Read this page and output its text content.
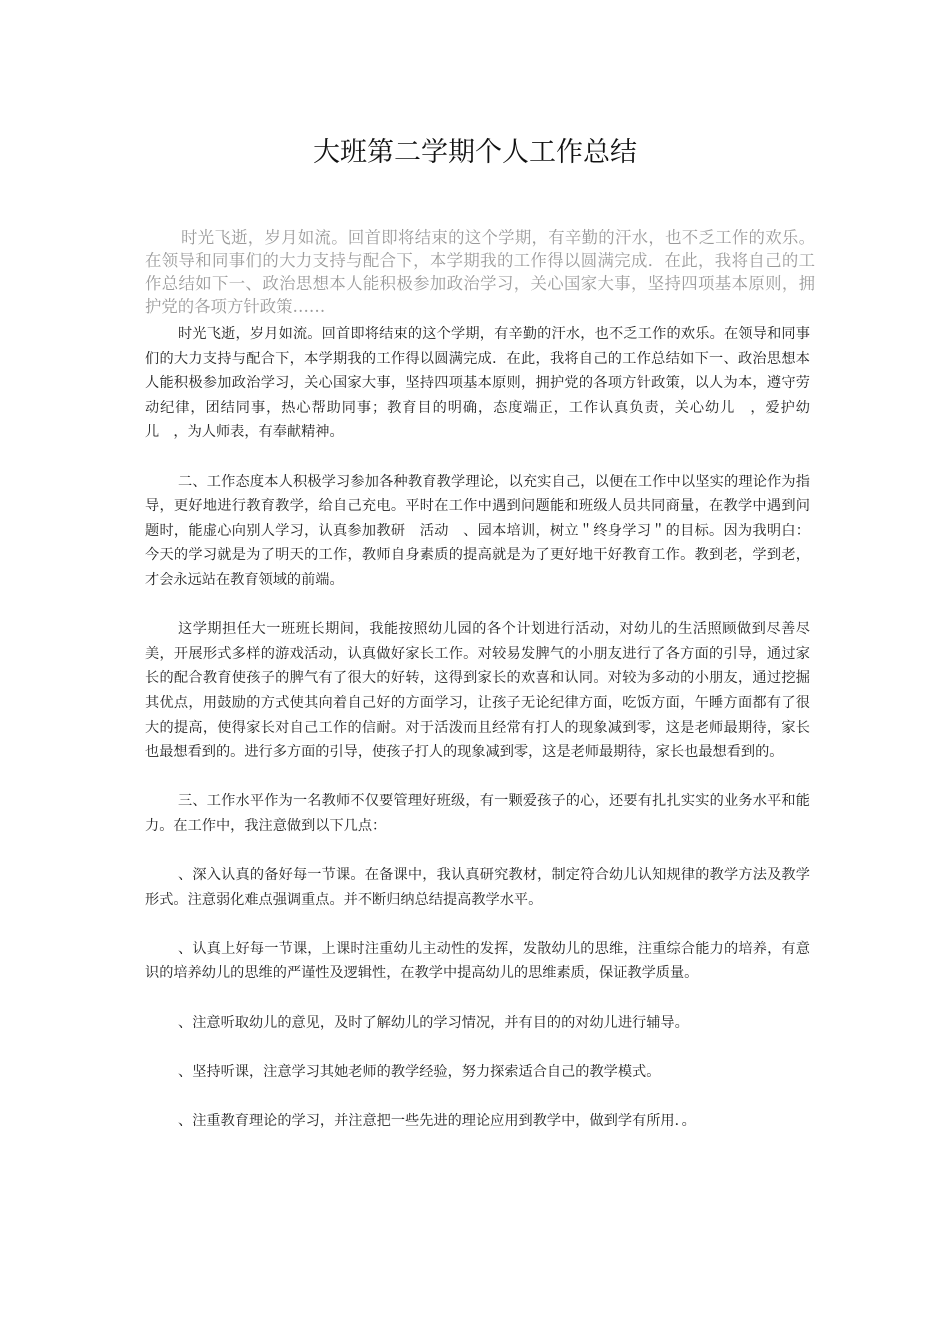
大班第二学期个人工作总结

时光飞逝，岁月如流。回首即将结束的这个学期，有辛勤的汗水，也不乏工作的欢乐。在领导和同事们的大力支持与配合下，本学期我的工作得以圆满完成．在此，我将自己的工作总结如下一、政治思想本人能积极参加政治学习，关心国家大事，坚持四项基本原则，拥护党的各项方针政策……

时光飞逝，岁月如流。回首即将结束的这个学期，有辛勤的汗水，也不乏工作的欢乐。在领导和同事们的大力支持与配合下，本学期我的工作得以圆满完成．在此，我将自己的工作总结如下一、政治思想本人能积极参加政治学习，关心国家大事，坚持四项基本原则，拥护党的各项方针政策，以人为本，遵守劳动纪律，团结同事，热心帮助同事；教育目的明确，态度端正，工作认真负责，关心幼儿　，爱护幼儿　，为人师表，有奉献精神。

二、工作态度本人积极学习参加各种教育教学理论，以充实自己，以便在工作中以坚实的理论作为指导，更好地进行教育教学，给自己充电。平时在工作中遇到问题能和班级人员共同商量，在教学中遇到问题时，能虚心向别人学习，认真参加教研　活动　、园本培训，树立＂终身学习＂的目标。因为我明白：今天的学习就是为了明天的工作，教师自身素质的提高就是为了更好地干好教育工作。教到老，学到老，才会永远站在教育领域的前端。

这学期担任大一班班长期间，我能按照幼儿园的各个计划进行活动，对幼儿的生活照顾做到尽善尽美，开展形式多样的游戏活动，认真做好家长工作。对较易发脾气的小朋友进行了各方面的引导，通过家长的配合教育使孩子的脾气有了很大的好转，这得到家长的欢喜和认同。对较为多动的小朋友，通过挖掘其优点，用鼓励的方式使其向着自己好的方面学习，让孩子无论纪律方面，吃饭方面，午睡方面都有了很大的提高，使得家长对自己工作的信耐。对于活泼而且经常有打人的现象减到零，这是老师最期待，家长也最想看到的。进行多方面的引导，使孩子打人的现象减到零，这是老师最期待，家长也最想看到的。

三、工作水平作为一名教师不仅要管理好班级，有一颗爱孩子的心，还要有扎扎实实的业务水平和能力。在工作中，我注意做到以下几点：

、深入认真的备好每一节课。在备课中，我认真研究教材，制定符合幼儿认知规律的教学方法及教学形式。注意弱化难点强调重点。并不断归纳总结提高教学水平。

、认真上好每一节课，上课时注重幼儿主动性的发挥，发散幼儿的思维，注重综合能力的培养，有意识的培养幼儿的思维的严谨性及逻辑性，在教学中提高幼儿的思维素质，保证教学质量。

、注意听取幼儿的意见，及时了解幼儿的学习情况，并有目的的对幼儿进行辅导。

、坚持听课，注意学习其她老师的教学经验，努力探索适合自己的教学模式。

、注重教育理论的学习，并注意把一些先进的理论应用到教学中，做到学有所用．。
